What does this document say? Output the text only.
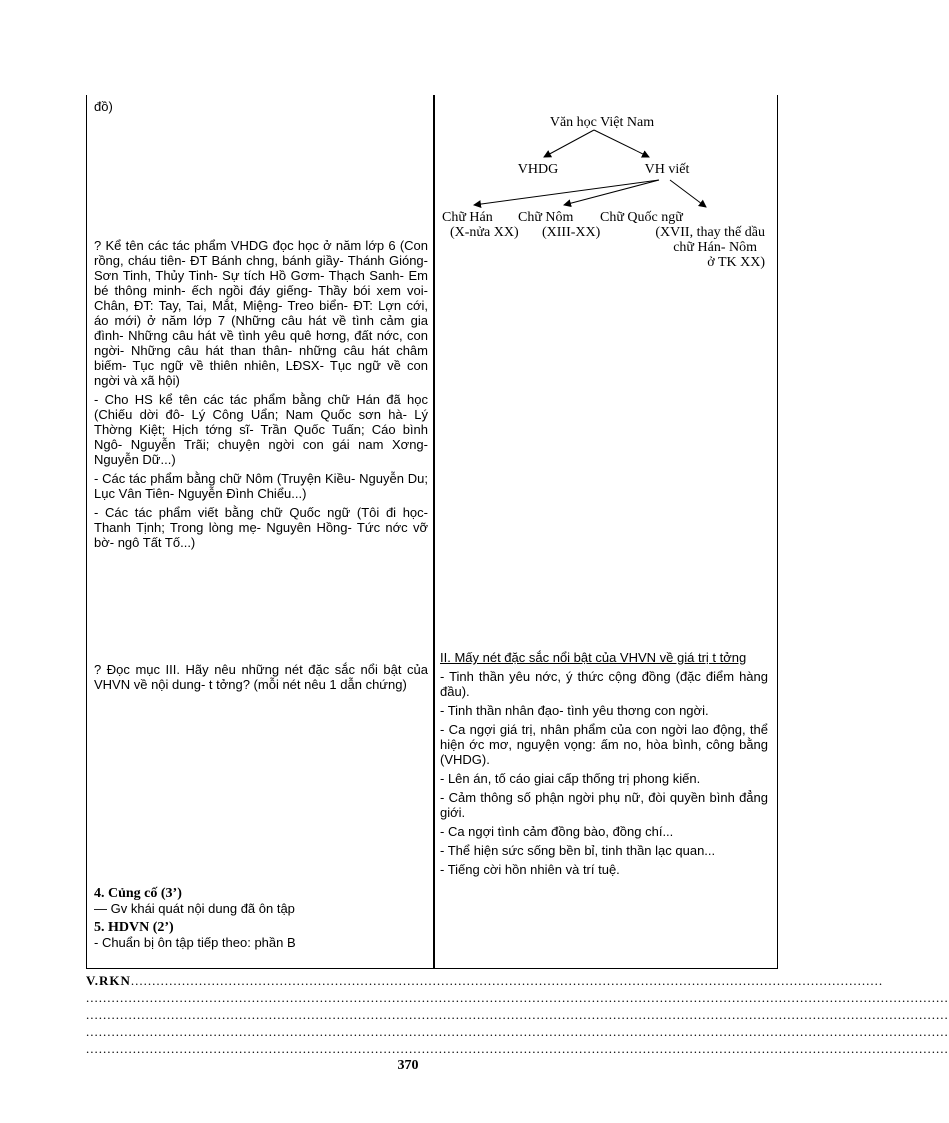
đồ)

? Kể tên các tác phẩm VHDG đọc học ở năm lớp 6 (Con rồng, cháu tiên- ĐT Bánh chng, bánh giầy- Thánh Gióng- Sơn Tinh, Thủy Tinh- Sự tích Hồ Gơm- Thạch Sanh- Em bé thông minh- ếch ngồi đáy giếng- Thầy bói xem voi- Chân, ĐT: Tay, Tai, Mắt, Miệng- Treo biển- ĐT: Lợn cới, áo mới) ở năm lớp 7 (Những câu hát về tình cảm gia đình- Những câu hát về tình yêu quê hơng, đất nớc, con ngời- Những câu hát than thân- những câu hát châm biếm- Tục ngữ về thiên nhiên, LĐSX- Tục ngữ về con ngời và xã hội)

- Cho HS kể tên các tác phẩm bằng chữ Hán đã học (Chiếu dời đô- Lý Công Uẩn; Nam Quốc sơn hà- Lý Thờng Kiệt; Hịch tớng sĩ- Trần Quốc Tuấn; Cáo bình Ngô- Nguyễn Trãi; chuyện ngời con gái nam Xơng- Nguyễn Dữ...)

- Các tác phẩm bằng chữ Nôm (Truyện Kiều- Nguyễn Du; Lục Vân Tiên- Nguyễn Đình Chiểu...)

- Các tác phẩm viết bằng chữ Quốc ngữ (Tôi đi học- Thanh Tịnh; Trong lòng mẹ- Nguyên Hồng- Tức nớc vỡ bờ- ngô Tất Tố...)

? Đọc mục III. Hãy nêu những nét đặc sắc nổi bật của VHVN về nội dung- t tởng? (mỗi nét nêu 1 dẫn chứng)
4. Củng cố (3’)
— Gv khái quát nội dung đã ôn tập
5. HDVN (2’)
- Chuẩn bị ôn tập tiếp theo: phần B
Văn học Việt Nam
VHDG	VH viết
Chữ Hán Chữ Nôm Chữ Quốc ngữ
(X-nửa XX) (XIII-XX)	(XVII, thay thế dầu
chữ Hán- Nôm
ở TK XX)
II. Mấy nét đặc sắc nổi bật của VHVN về giá trị t tởng
- Tinh thần yêu nớc, ý thức cộng đồng (đặc điểm hàng đầu).
- Tinh thần nhân đạo- tình yêu thơng con ngời.
- Ca ngợi giá trị, nhân phẩm của con ngời lao động, thể hiện ớc mơ, nguyện vọng: ấm no, hòa bình, công bằng (VHDG).
- Lên án, tố cáo giai cấp thống trị phong kiến.
- Cảm thông số phận ngời phụ nữ, đòi quyền bình đẳng giới.
- Ca ngợi tình cảm đồng bào, đồng chí...
- Thể hiện sức sống bền bỉ, tinh thần lạc quan...
- Tiếng cời hồn nhiên và trí tuệ.
V.RKN.................................................................................................................................................................................
...........................................................................................................................................................................................................
...........................................................................................................................................................................................................
...........................................................................................................................................................................................................
...........................................................................................................................................................................................................
370
